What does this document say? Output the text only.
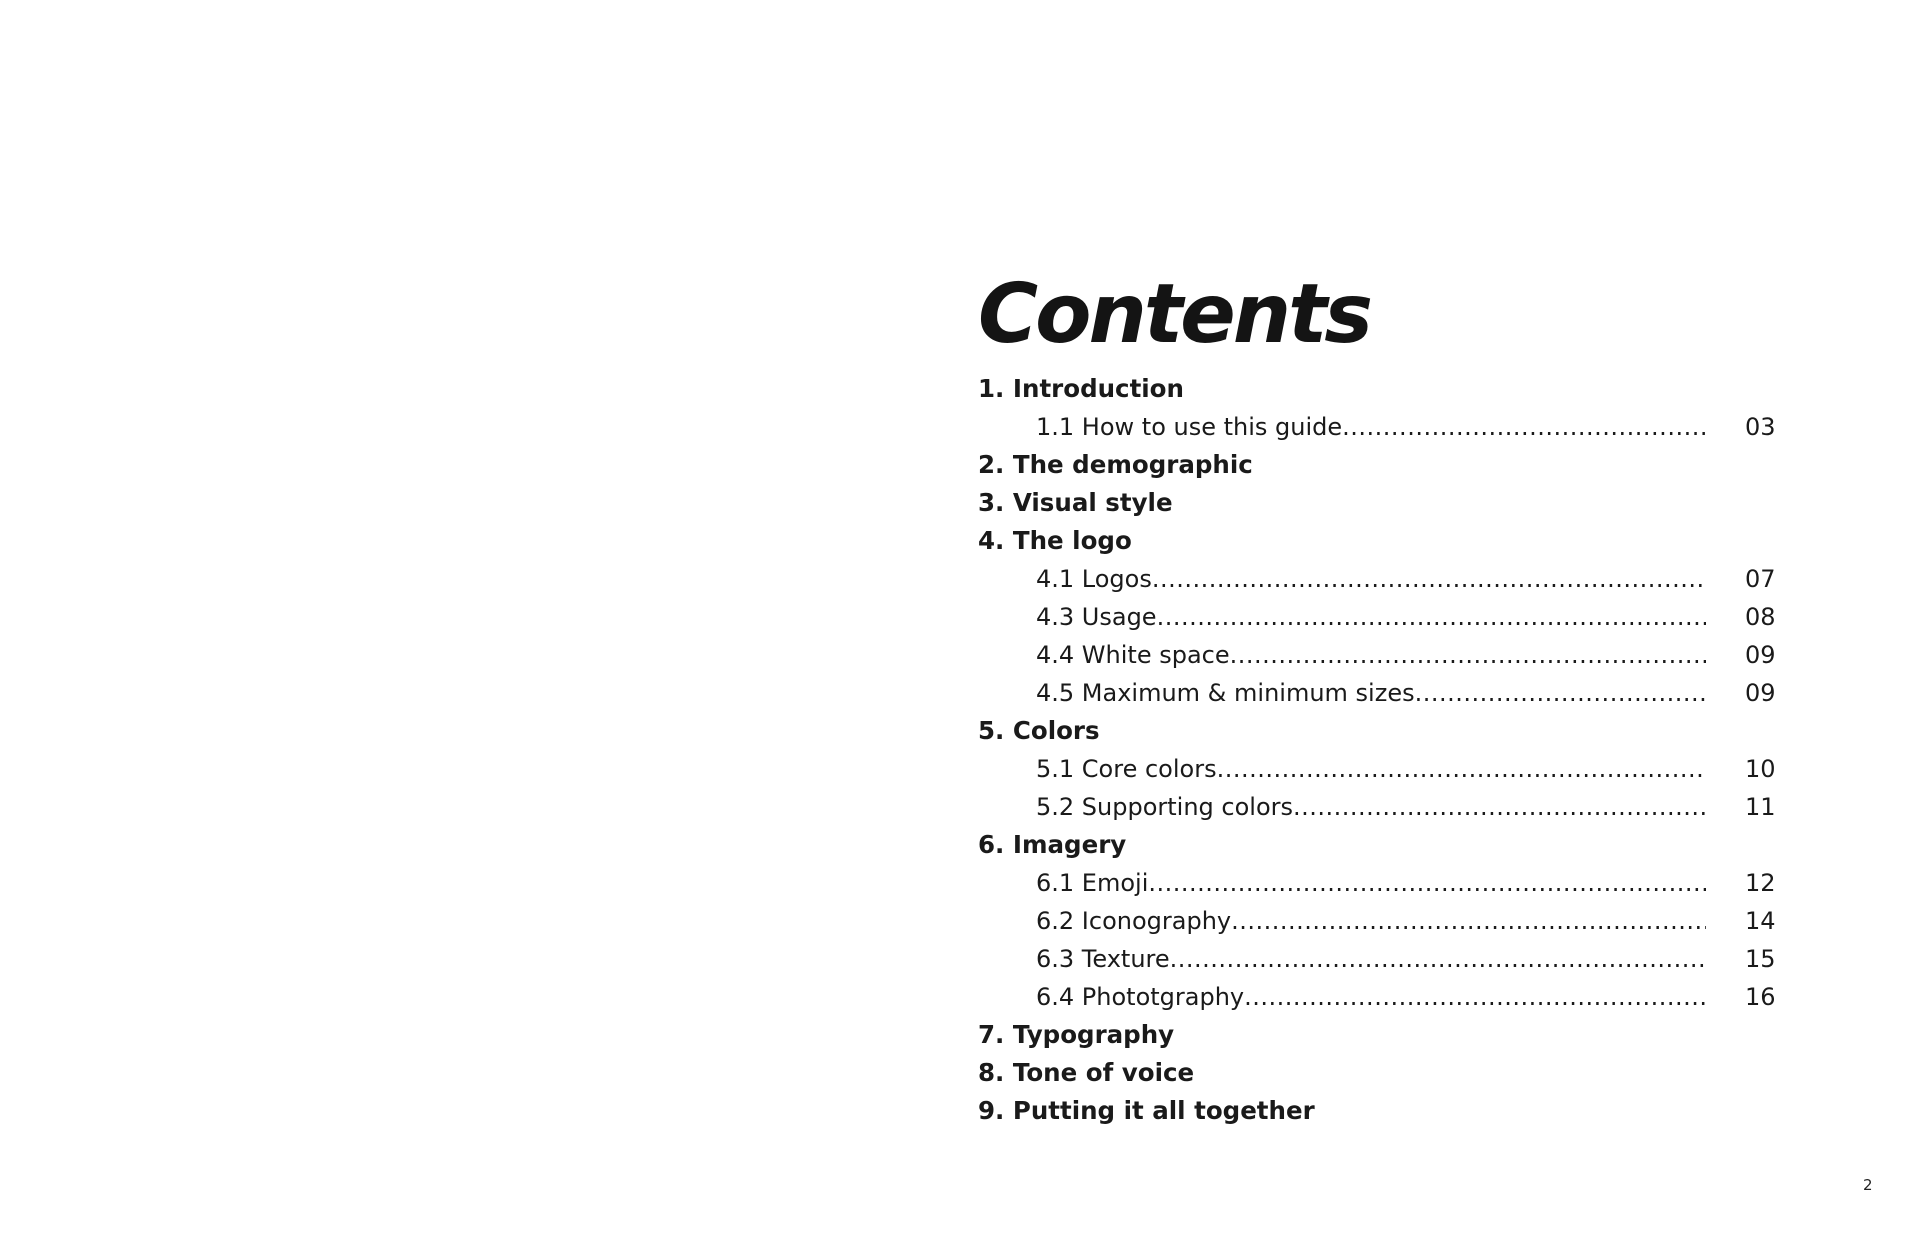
Contents
1. Introduction
1.1 How to use this guide .....	03
2. The demographic
3. Visual style
4. The logo
4.1 Logos .....	07
4.3 Usage .....	08
4.4 White space .....	09
4.5 Maximum & minimum sizes .....	09
5. Colors
5.1 Core colors .....	10
5.2 Supporting colors .....	11
6. Imagery
6.1 Emoji .....	12
6.2 Iconography .....	14
6.3 Texture .....	15
6.4 Phototgraphy .....	16
7. Typography
8. Tone of voice
9. Putting it all together
2
